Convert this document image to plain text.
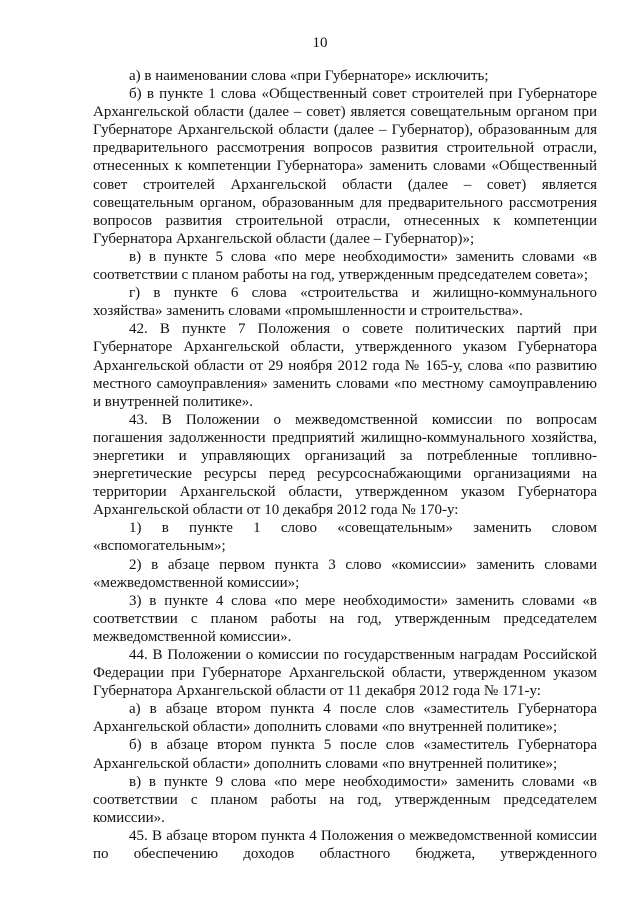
10

а) в наименовании слова «при Губернаторе» исключить;

б) в пункте 1 слова «Общественный совет строителей при Губернаторе Архангельской области (далее – совет) является совещательным органом при Губернаторе Архангельской области (далее – Губернатор), образованным для предварительного рассмотрения вопросов развития строительной отрасли, отнесенных к компетенции Губернатора» заменить словами «Общественный совет строителей Архангельской области (далее – совет) является совещательным органом, образованным для предварительного рассмотрения вопросов развития строительной отрасли, отнесенных к компетенции Губернатора Архангельской области (далее – Губернатор)»;

в) в пункте 5 слова «по мере необходимости» заменить словами «в соответствии с планом работы на год, утвержденным председателем совета»;

г) в пункте 6 слова «строительства и жилищно-коммунального хозяйства» заменить словами «промышленности и строительства».

42. В пункте 7 Положения о совете политических партий при Губернаторе Архангельской области, утвержденного указом Губернатора Архангельской области от 29 ноября 2012 года № 165-у, слова «по развитию местного самоуправления» заменить словами «по местному самоуправлению и внутренней политике».

43. В Положении о межведомственной комиссии по вопросам погашения задолженности предприятий жилищно-коммунального хозяйства, энергетики и управляющих организаций за потребленные топливно-энергетические ресурсы перед ресурсоснабжающими организациями на территории Архангельской области, утвержденном указом Губернатора Архангельской области от 10 декабря 2012 года № 170-у:

1) в пункте 1 слово «совещательным» заменить словом «вспомогательным»;

2) в абзаце первом пункта 3 слово «комиссии» заменить словами «межведомственной комиссии»;

3) в пункте 4 слова «по мере необходимости» заменить словами «в соответствии с планом работы на год, утвержденным председателем межведомственной комиссии».

44. В Положении о комиссии по государственным наградам Российской Федерации при Губернаторе Архангельской области, утвержденном указом Губернатора Архангельской области от 11 декабря 2012 года № 171-у:

а) в абзаце втором пункта 4 после слов «заместитель Губернатора Архангельской области» дополнить словами «по внутренней политике»;

б) в абзаце втором пункта 5 после слов «заместитель Губернатора Архангельской области» дополнить словами «по внутренней политике»;

в) в пункте 9 слова «по мере необходимости» заменить словами «в соответствии с планом работы на год, утвержденным председателем комиссии».

45. В абзаце втором пункта 4 Положения о межведомственной комиссии по обеспечению доходов областного бюджета, утвержденного
